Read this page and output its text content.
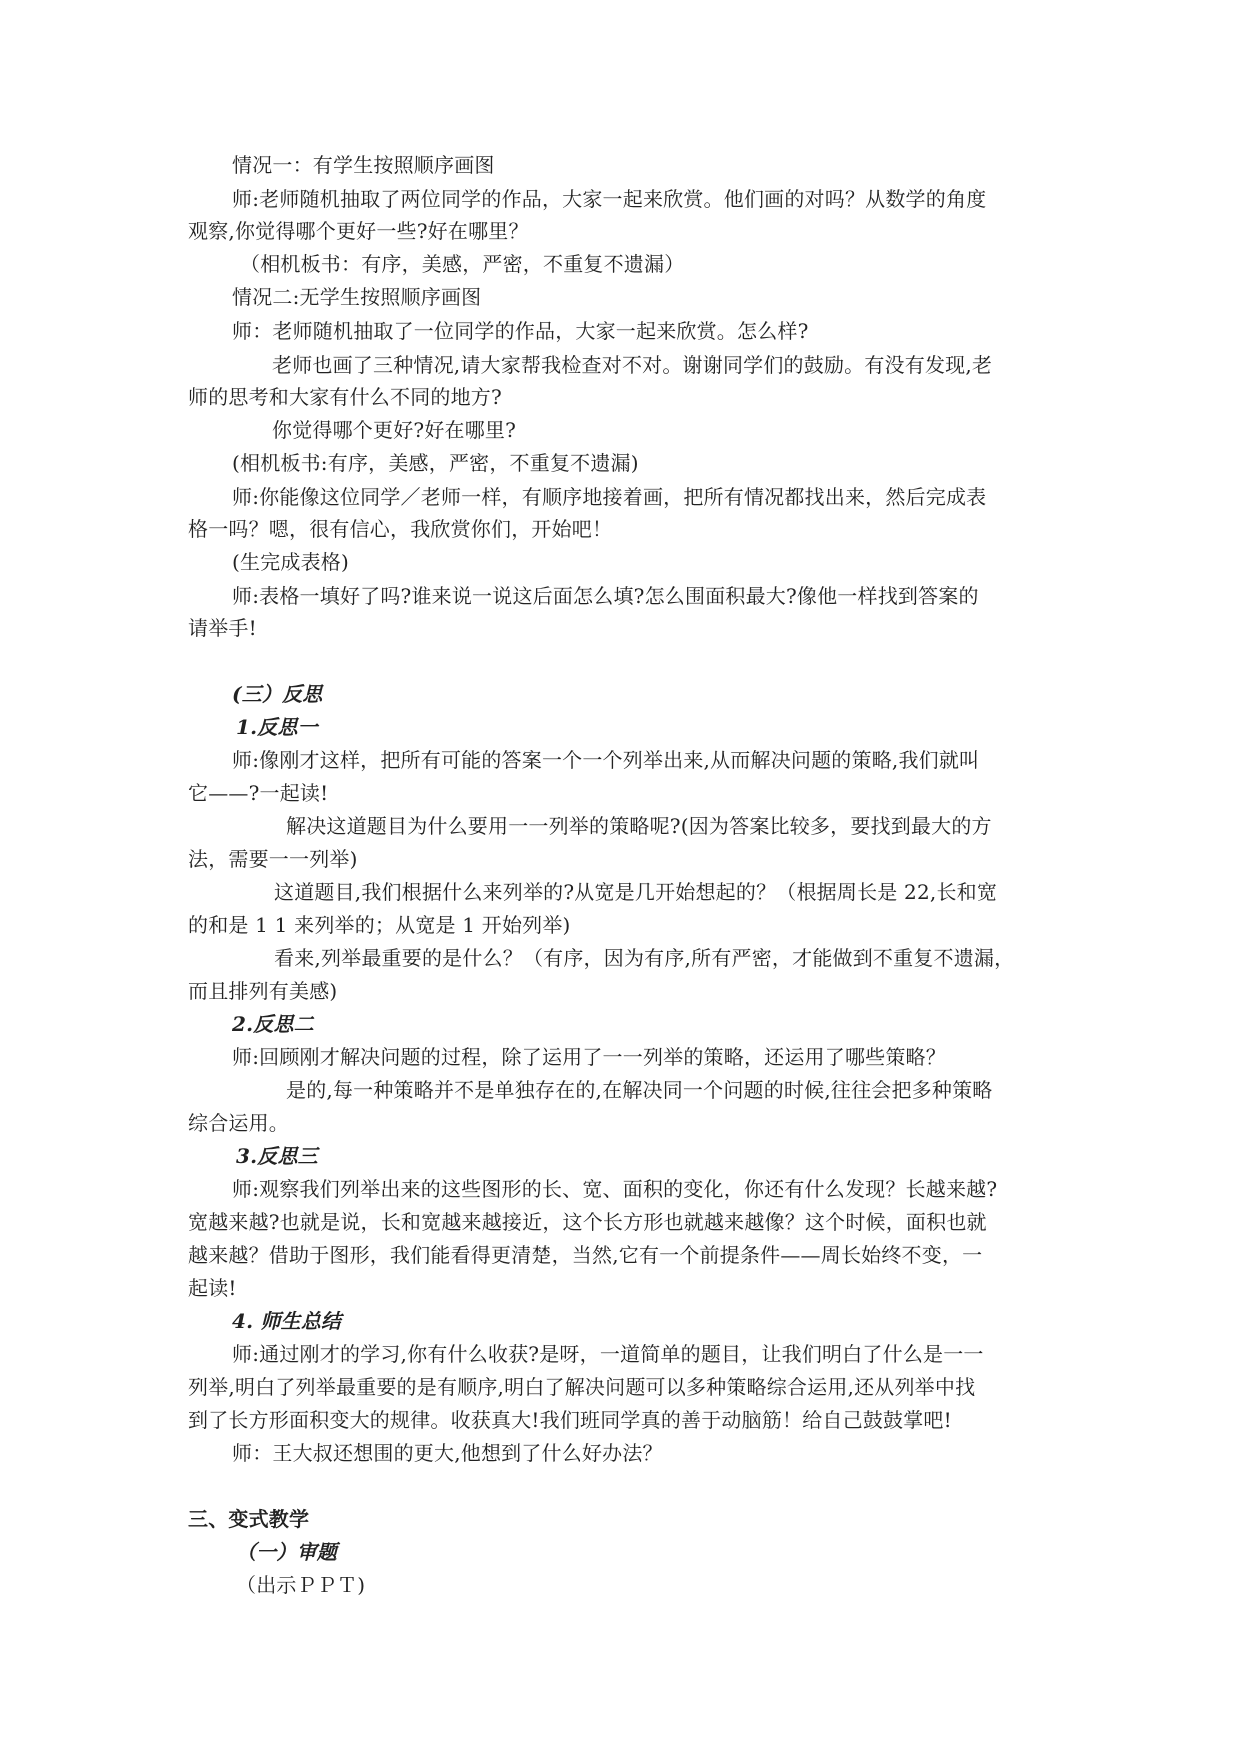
情况一：有学生按照顺序画图
师:老师随机抽取了两位同学的作品，大家一起来欣赏。他们画的对吗？从数学的角度
观察,你觉得哪个更好一些?好在哪里？
（相机板书：有序，美感，严密，不重复不遗漏）
情况二:无学生按照顺序画图
师：老师随机抽取了一位同学的作品，大家一起来欣赏。怎么样?
老师也画了三种情况,请大家帮我检查对不对。谢谢同学们的鼓励。有没有发现,老
师的思考和大家有什么不同的地方?
你觉得哪个更好?好在哪里?
(相机板书:有序，美感，严密，不重复不遗漏)
师:你能像这位同学／老师一样，有顺序地接着画，把所有情况都找出来，然后完成表
格一吗？嗯，很有信心，我欣赏你们，开始吧！
(生完成表格)
师:表格一填好了吗?谁来说一说这后面怎么填?怎么围面积最大?像他一样找到答案的
请举手!
(三）反思
1.反思一
师:像刚才这样，把所有可能的答案一个一个列举出来,从而解决问题的策略,我们就叫
它——?一起读!
解决这道题目为什么要用一一列举的策略呢?(因为答案比较多，要找到最大的方
法，需要一一列举)
这道题目,我们根据什么来列举的?从宽是几开始想起的？（根据周长是 22,长和宽
的和是 1 1 来列举的；从宽是 1 开始列举)
看来,列举最重要的是什么？（有序，因为有序,所有严密，才能做到不重复不遗漏，
而且排列有美感)
2.反思二
师:回顾刚才解决问题的过程，除了运用了一一列举的策略，还运用了哪些策略？
是的,每一种策略并不是单独存在的,在解决同一个问题的时候,往往会把多种策略
综合运用。
3.反思三
师:观察我们列举出来的这些图形的长、宽、面积的变化，你还有什么发现？长越来越?
宽越来越?也就是说，长和宽越来越接近，这个长方形也就越来越像？这个时候，面积也就
越来越？借助于图形，我们能看得更清楚，当然,它有一个前提条件——周长始终不变，一
起读!
4. 师生总结
师:通过刚才的学习,你有什么收获?是呀，一道简单的题目，让我们明白了什么是一一
列举,明白了列举最重要的是有顺序,明白了解决问题可以多种策略综合运用,还从列举中找
到了长方形面积变大的规律。收获真大!我们班同学真的善于动脑筋！给自己鼓鼓掌吧!
师：王大叔还想围的更大,他想到了什么好办法？
三、变式教学
（一）审题
（出示ＰＰＴ)
